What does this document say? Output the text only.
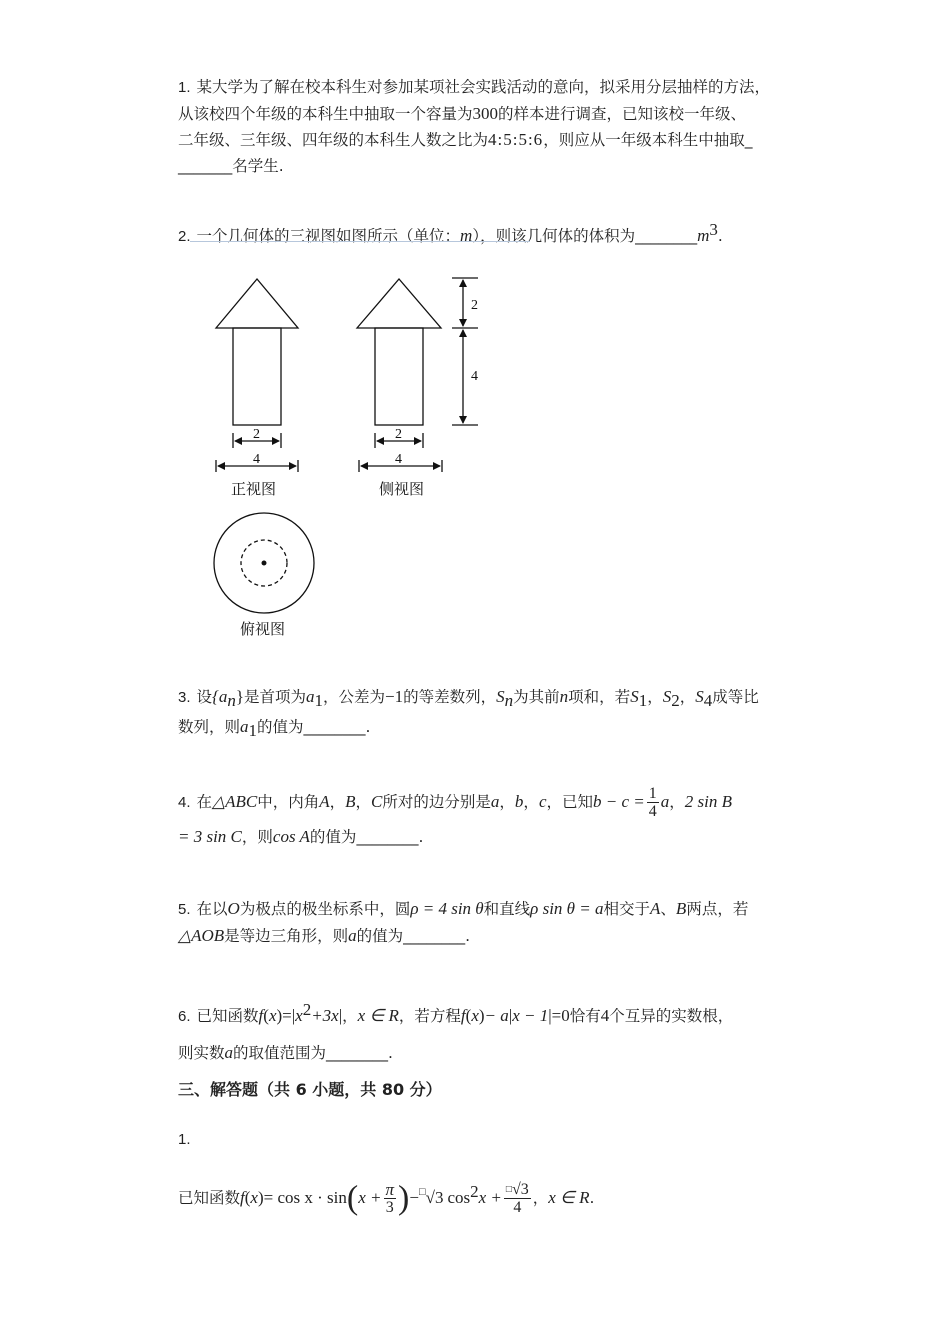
1. 某大学为了解在校本科生对参加某项社会实践活动的意向，拟采用分层抽样的方法，
从该校四个年级的本科生中抽取一个容量为300的样本进行调查，已知该校一年级、
二年级、三年级、四年级的本科生人数之比为4:5:5:6，则应从一年级本科生中抽取_
_______名学生.
2. 一个几何体的三视图如图所示（单位：m），则该几何体的体积为$\_\_\_\_\_\_\_\_m^3$.
2
4
2
4
2
4
正视图	侧视图
俯视图
3. 设$\{a_n\}$是首项为$a_1$，公差为−1的等差数列，$S_n$为其前n项和，若$S_1$，$S_2$，$S_4$成等比
数列，则$a_1$的值为________.
4. 在△ABC中，内角A，B，C所对的边分别是a，b，c，已知$b - c = \frac{1}{4}$ a，2 sin B
= 3 sin C，则cos A的值为________.
5. 在以O为极点的极坐标系中，圆ρ = 4 sin θ和直线ρ sin θ = a相交于A、B两点，若
△AOB是等边三角形，则a的值为________.
6. 已知函数$f(x)=|x^2+3x|$，x ∈ R，若方程f(x)− a|x − 1|=0恰有4个互异的实数根，
则实数a的取值范围为________.
三、解答题（共 6 小题，共 80 分）
1.
已知函数$f(x)= \cos x \cdot \sin(x + \frac{\pi}{3} )-^□√3$ $\cos^2x + \frac{^□√3}{4}$ ，x ∈ R.
